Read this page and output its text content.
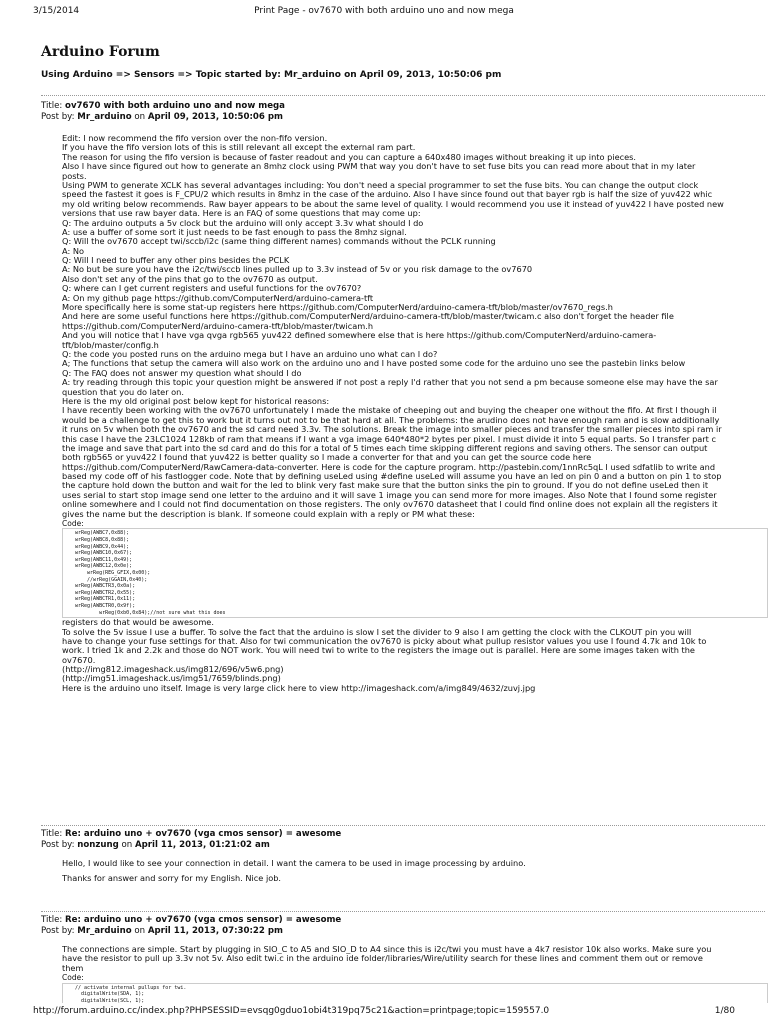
3/15/2014	Print Page - ov7670 with both arduino uno and now mega
Arduino Forum
Using Arduino => Sensors => Topic started by: Mr_arduino on April 09, 2013, 10:50:06 pm
Title: ov7670 with both arduino uno and now mega
Post by: Mr_arduino on April 09, 2013, 10:50:06 pm
Edit: I now recommend the fifo version over the non-fifo version.
If you have the fifo version lots of this is still relevant all except the external ram part.
The reason for using the fifo version is because of faster readout and you can capture a 640x480 images without breaking it up into pieces.
Also I have since figured out how to generate an 8mhz clock using PWM that way you don't have to set fuse bits you can read more about that in my later
posts.
Using PWM to generate XCLK has several advantages including: You don't need a special programmer to set the fuse bits. You can change the output clock
speed the fastest it goes is F_CPU/2 which results in 8mhz in the case of the arduino. Also I have since found out that bayer rgb is half the size of yuv422 whic
my old writing below recommends. Raw bayer appears to be about the same level of quality. I would recommend you use it instead of yuv422 I have posted new
versions that use raw bayer data. Here is an FAQ of some questions that may come up:
Q: The arduino outputs a 5v clock but the arduino will only accept 3.3v what should I do
A: use a buffer of some sort it just needs to be fast enough to pass the 8mhz signal.
Q: Will the ov7670 accept twi/sccb/i2c (same thing different names) commands without the PCLK running
A: No
Q: Will I need to buffer any other pins besides the PCLK
A: No but be sure you have the i2c/twi/sccb lines pulled up to 3.3v instead of 5v or you risk damage to the ov7670
Also don't set any of the pins that go to the ov7670 as output.
Q: where can I get current registers and useful functions for the ov7670?
A: On my github page https://github.com/ComputerNerd/arduino-camera-tft
More specifically here is some stat-up registers here https://github.com/ComputerNerd/arduino-camera-tft/blob/master/ov7670_regs.h
And here are some useful functions here https://github.com/ComputerNerd/arduino-camera-tft/blob/master/twicam.c also don't forget the header file
https://github.com/ComputerNerd/arduino-camera-tft/blob/master/twicam.h
And you will notice that I have vga qvga rgb565 yuv422 defined somewhere else that is here https://github.com/ComputerNerd/arduino-camera-
tft/blob/master/config.h
Q: the code you posted runs on the arduino mega but I have an arduino uno what can I do?
A; The functions that setup the camera will also work on the arduino uno and I have posted some code for the arduino uno see the pastebin links below
Q: The FAQ does not answer my question what should I do
A: try reading through this topic your question might be answered if not post a reply I'd rather that you not send a pm because someone else may have the sar
question that you do later on.
Here is the my old original post below kept for historical reasons:
I have recently been working with the ov7670 unfortunately I made the mistake of cheeping out and buying the cheaper one without the fifo. At first I though il
would be a challenge to get this to work but it turns out not to be that hard at all. The problems: the arudino does not have enough ram and is slow additionally
it runs on 5v when both the ov7670 and the sd card need 3.3v. The solutions. Break the image into smaller pieces and transfer the smaller pieces into spi ram ir
this case I have the 23LC1024 128kb of ram that means if I want a vga image 640*480*2 bytes per pixel. I must divide it into 5 equal parts. So I transfer part c
the image and save that part into the sd card and do this for a total of 5 times each time skipping different regions and saving others. The sensor can output
both rgb565 or yuv422 I found that yuv422 is better quality so I made a converter for that and you can get the source code here
https://github.com/ComputerNerd/RawCamera-data-converter. Here is code for the capture program. http://pastebin.com/1nnRc5qL I used sdfatlib to write and
based my code off of his fastlogger code. Note that by defining useLed using #define useLed will assume you have an led on pin 0 and a button on pin 1 to stop
the capture hold down the button and wait for the led to blink very fast make sure that the button sinks the pin to ground. If you do not define useLed then it
uses serial to start stop image send one letter to the arduino and it will save 1 image you can send more for more images. Also Note that I found some register
online somewhere and I could not find documentation on those registers. The only ov7670 datasheet that I could find online does not explain all the registers it
gives the name but the description is blank. If someone could explain with a reply or PM what these:
Code:
wrReg(AWBC7,0x88);
wrReg(AWBC8,0x88);
wrReg(AWBC9,0x44);
wrReg(AWBC10,0x67);
wrReg(AWBC11,0x49);
wrReg(AWBC12,0x0e);
wrReg(REG_GFIX,0x00);
//wrReg(GGAIN,0x40);
wrReg(AWBCTR3,0x0a);
wrReg(AWBCTR2,0x55);
wrReg(AWBCTR1,0x11);
wrReg(AWBCTR0,0x9f);
wrReg(0xb0,0x84);//not sure what this does
registers do that would be awesome.
To solve the 5v issue I use a buffer. To solve the fact that the arduino is slow I set the divider to 9 also I am getting the clock with the CLKOUT pin you will
have to change your fuse settings for that. Also for twi communication the ov7670 is picky about what pullup resistor values you use I found 4.7k and 10k to
work. I tried 1k and 2.2k and those do NOT work. You will need twi to write to the registers the image out is parallel. Here are some images taken with the
ov7670.
(http://img812.imageshack.us/img812/696/v5w6.png)
(http://img51.imageshack.us/img51/7659/blinds.png)
Here is the arduino uno itself. Image is very large click here to view http://imageshack.com/a/img849/4632/zuvj.jpg
Title: Re: arduino uno + ov7670 (vga cmos sensor) = awesome
Post by: nonzung on April 11, 2013, 01:21:02 am
Hello, I would like to see your connection in detail. I want the camera to be used in image processing by arduino.
Thanks for answer and sorry for my English. Nice job.
Title: Re: arduino uno + ov7670 (vga cmos sensor) = awesome
Post by: Mr_arduino on April 11, 2013, 07:30:22 pm
The connections are simple. Start by plugging in SIO_C to A5 and SIO_D to A4 since this is i2c/twi you must have a 4k7 resistor 10k also works. Make sure you
have the resistor to pull up 3.3v not 5v. Also edit twi.c in the arduino ide folder/libraries/Wire/utility search for these lines and comment them out or remove
them
Code:
// activate internal pullups for twi.
digitalWrite(SDA, 1);
digitalWrite(SCL, 1);
http://forum.arduino.cc/index.php?PHPSESSID=evsqg0gduo1obi4t319pq75c21&action=printpage;topic=159557.0	1/80
